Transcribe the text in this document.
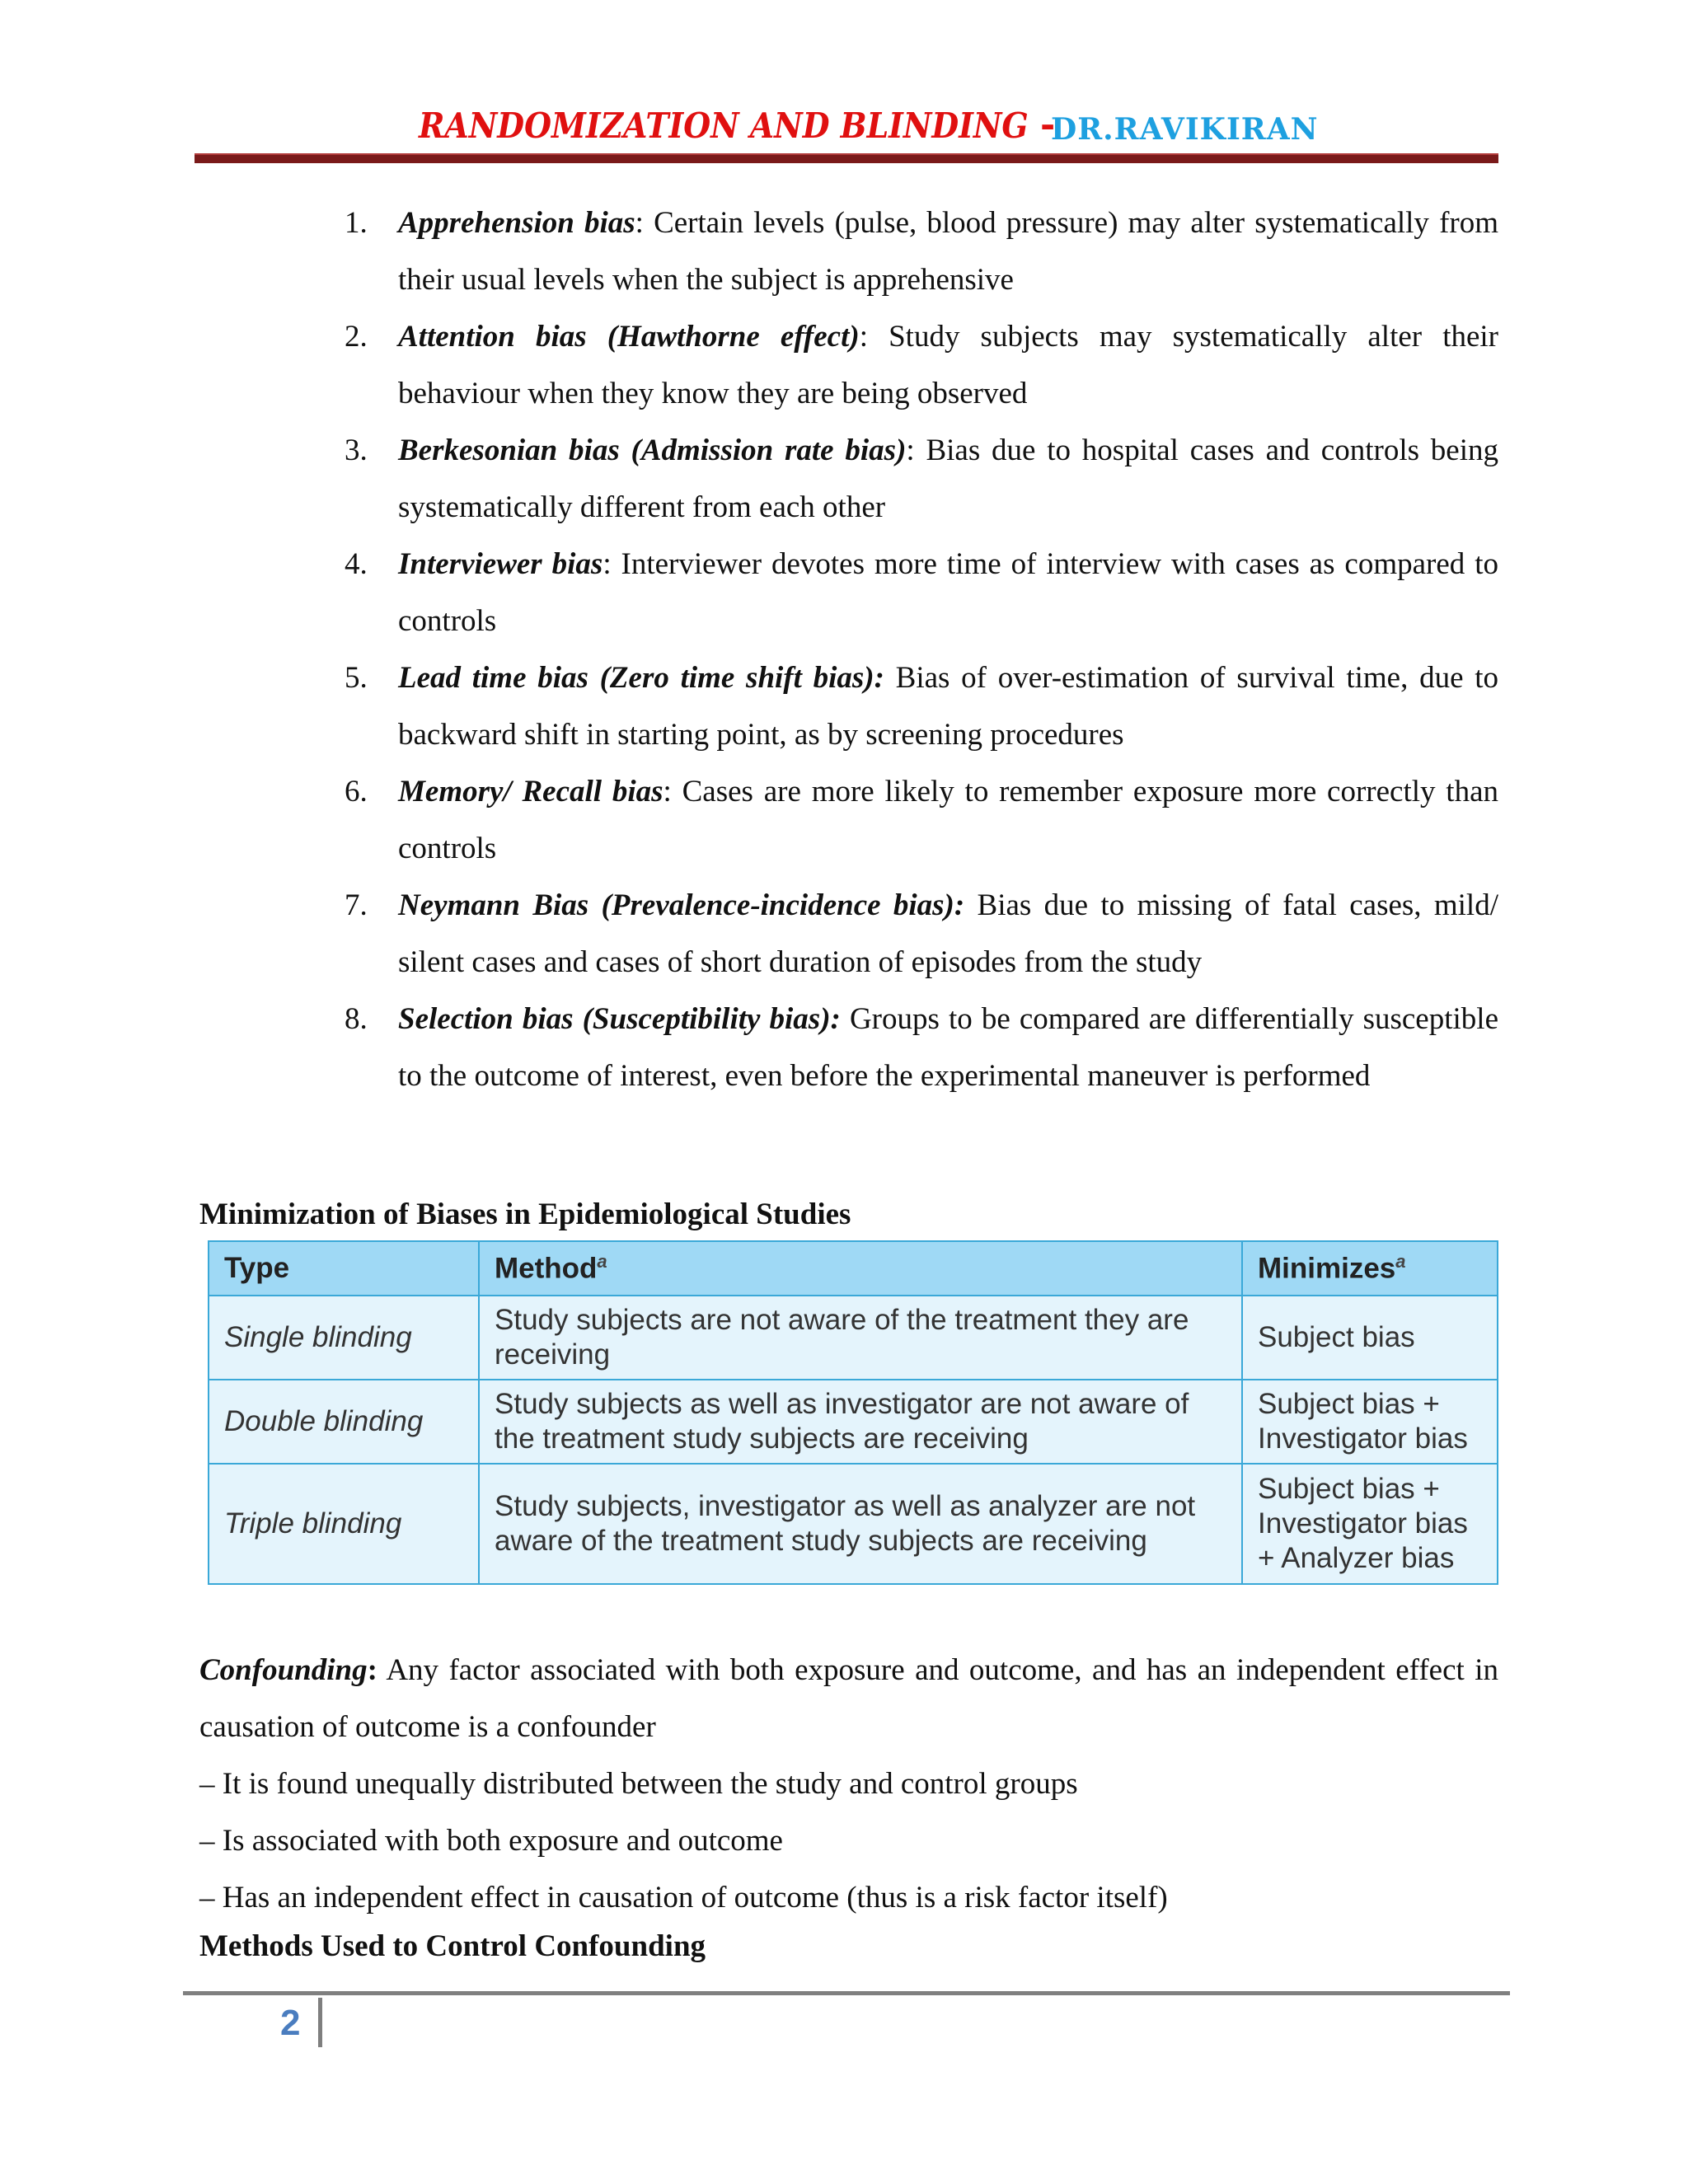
RANDOMIZATION AND BLINDING -
DR.RAVIKIRAN
1. Apprehension bias: Certain levels (pulse, blood pressure) may alter systematically from their usual levels when the subject is apprehensive
2. Attention bias (Hawthorne effect): Study subjects may systematically alter their behaviour when they know they are being observed
3. Berkesonian bias (Admission rate bias): Bias due to hospital cases and controls being systematically different from each other
4. Interviewer bias: Interviewer devotes more time of interview with cases as compared to controls
5. Lead time bias (Zero time shift bias): Bias of over-estimation of survival time, due to backward shift in starting point, as by screening procedures
6. Memory/ Recall bias: Cases are more likely to remember exposure more correctly than controls
7. Neymann Bias (Prevalence-incidence bias): Bias due to missing of fatal cases, mild/ silent cases and cases of short duration of episodes from the study
8. Selection bias (Susceptibility bias): Groups to be compared are differentially susceptible to the outcome of interest, even before the experimental maneuver is performed
Minimization of Biases in Epidemiological Studies
Type	Method$^a$	Minimizes$^a$
Single blinding	Study subjects are not aware of the treatment they are receiving	Subject bias
Double blinding	Study subjects as well as investigator are not aware of the treatment study subjects are receiving	Subject bias + Investigator bias
Triple blinding	Study subjects, investigator as well as analyzer are not aware of the treatment study subjects are receiving	Subject bias + Investigator bias + Analyzer bias

Confounding: Any factor associated with both exposure and outcome, and has an independent effect in causation of outcome is a confounder

– It is found unequally distributed between the study and control groups

– Is associated with both exposure and outcome

– Has an independent effect in causation of outcome (thus is a risk factor itself)

Methods Used to Control Confounding
2
